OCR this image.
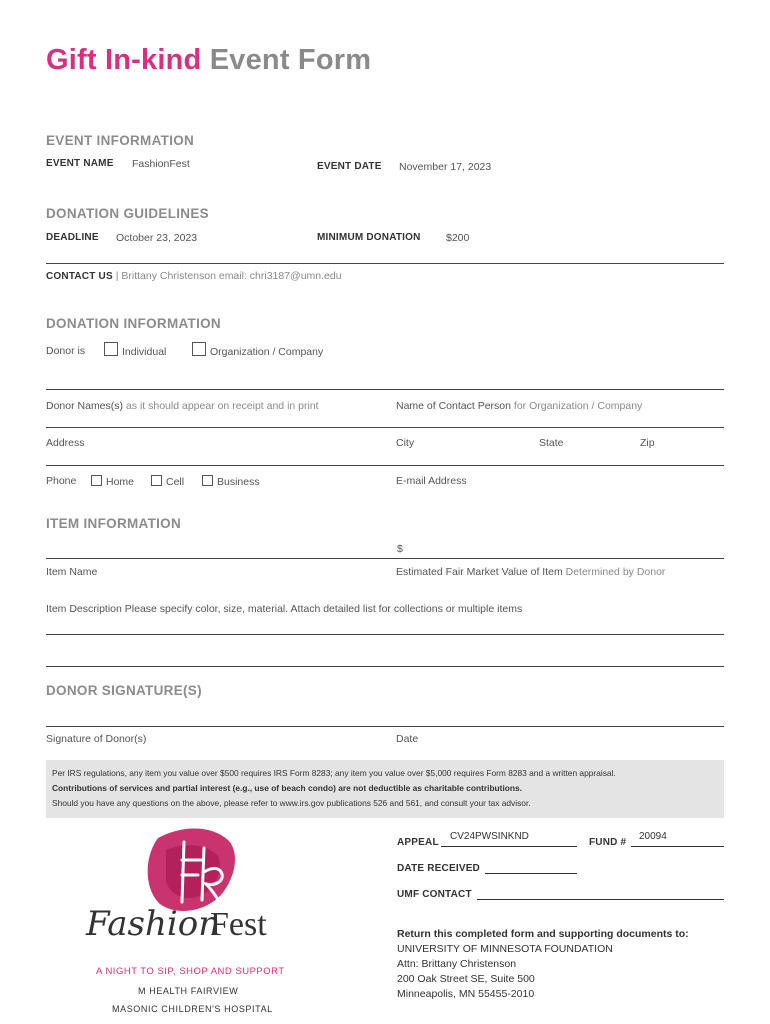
Gift In-kind Event Form
EVENT INFORMATION
EVENT NAME FashionFest	EVENT DATE November 17, 2023
DONATION GUIDELINES
DEADLINE October 23, 2023	MINIMUM DONATION $200
CONTACT US | Brittany Christenson email: chri3187@umn.edu
DONATION INFORMATION
Donor is	Individual	Organization / Company
Donor Names(s) as it should appear on receipt and in print	Name of Contact Person for Organization / Company
Address	City	State	Zip
Phone	Home	Cell	Business	E-mail Address
ITEM INFORMATION
$
Item Name	Estimated Fair Market Value of Item Determined by Donor
Item Description Please specify color, size, material. Attach detailed list for collections or multiple items
DONOR SIGNATURE(S)
Signature of Donor(s)	Date
Per IRS regulations, any item you value over $500 requires IRS Form 8283; any item you value over $5,000 requires Form 8283 and a written appraisal.
Contributions of services and partial interest (e.g., use of beach condo) are not deductible as charitable contributions.
Should you have any questions on the above, please refer to www.irs.gov publications 526 and 561, and consult your tax advisor.
APPEAL
CV24PWSINKND
FUND #
20094
DATE RECEIVED
UMF CONTACT
Return this completed form and supporting documents to:
UNIVERSITY OF MINNESOTA FOUNDATION
Attn: Brittany Christenson
200 Oak Street SE, Suite 500
Minneapolis, MN 55455-2010
Fashion
Fest
A NIGHT TO SIP, SHOP AND SUPPORT
M HEALTH FAIRVIEW
MASONIC CHILDREN'S HOSPITAL
